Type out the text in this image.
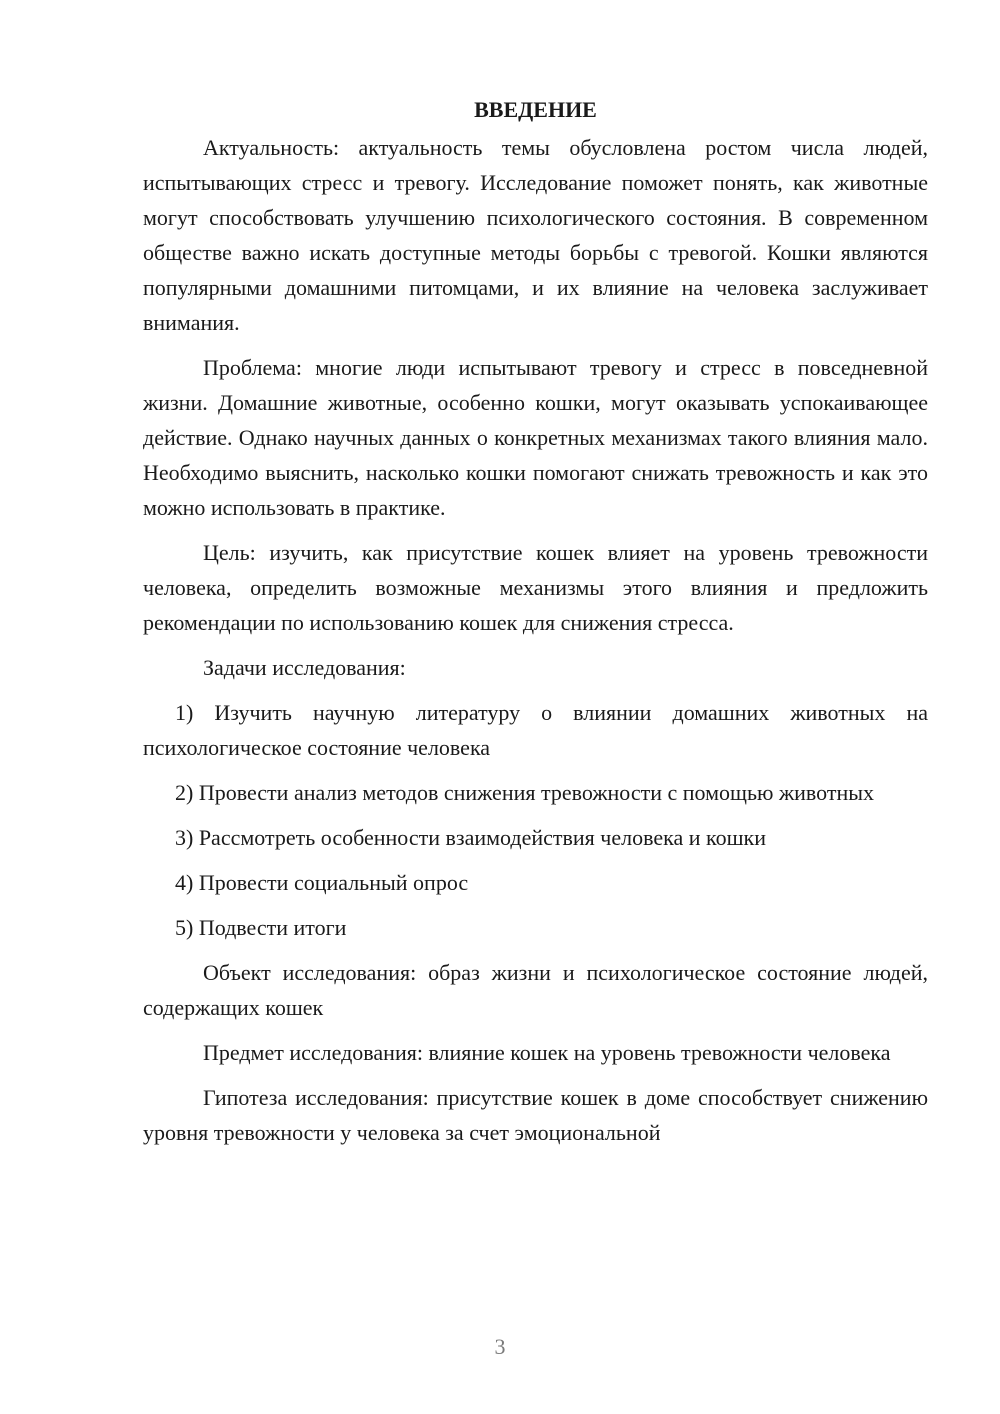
ВВЕДЕНИЕ

Актуальность: актуальность темы обусловлена ростом числа людей, испытывающих стресс и тревогу. Исследование поможет понять, как животные могут способствовать улучшению психологического состояния. В современном обществе важно искать доступные методы борьбы с тревогой. Кошки являются популярными домашними питомцами, и их влияние на человека заслуживает внимания.

Проблема: многие люди испытывают тревогу и стресс в повседневной жизни. Домашние животные, особенно кошки, могут оказывать успокаивающее действие. Однако научных данных о конкретных механизмах такого влияния мало. Необходимо выяснить, насколько кошки помогают снижать тревожность и как это можно использовать в практике.

Цель: изучить, как присутствие кошек влияет на уровень тревожности человека, определить возможные механизмы этого влияния и предложить рекомендации по использованию кошек для снижения стресса.

Задачи исследования:

1) Изучить научную литературу о влиянии домашних животных на психологическое состояние человека

2) Провести анализ методов снижения тревожности с помощью животных

3) Рассмотреть особенности взаимодействия человека и кошки

4) Провести социальный опрос

5) Подвести итоги

Объект исследования: образ жизни и психологическое состояние людей, содержащих кошек

Предмет исследования: влияние кошек на уровень тревожности человека

Гипотеза исследования: присутствие кошек в доме способствует снижению уровня тревожности у человека за счет эмоциональной

3
